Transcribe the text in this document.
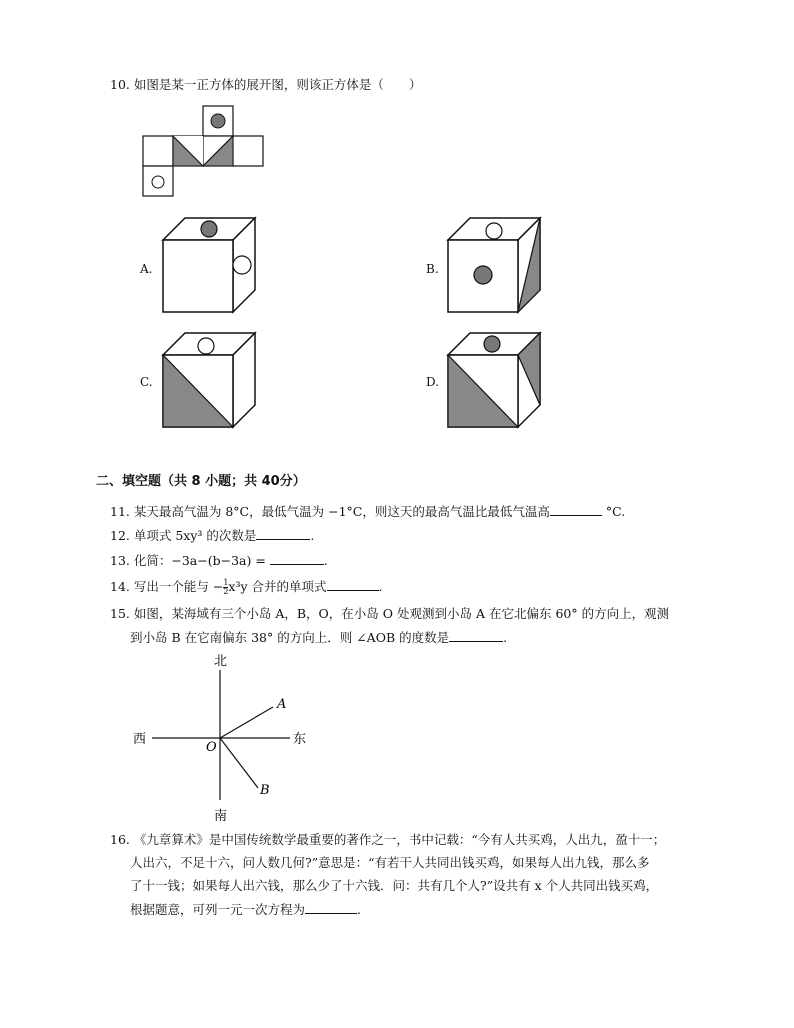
10. 如图是某一正方体的展开图，则该正方体是（　　）
A.	B.
C.	D.
二、填空题（共 8 小题；共 40分）
11. 某天最高气温为 8°C，最低气温为 −1°C，则这天的最高气温比最低气温高	°C.
12. 单项式 5xy³ 的次数是	.
13. 化简：−3a−(b−3a) =	.
14. 写出一个能与 − $\frac{1}{2} x^3y$ 合并的单项式	.
15. 如图，某海域有三个小岛 A，B，O，在小岛 O 处观测到小岛 A 在它北偏东 60° 的方向上，观测
到小岛 B 在它南偏东 38° 的方向上．则 ∠AOB 的度数是	.
北
南
西	东
O
A
B
16. 《九章算术》是中国传统数学最重要的著作之一，书中记载：“今有人共买鸡，人出九，盈十一；
人出六，不足十六，问人数几何?”意思是：“有若干人共同出钱买鸡，如果每人出九钱，那么多
了十一钱；如果每人出六钱，那么少了十六钱．问：共有几个人?”设共有 x 个人共同出钱买鸡，
根据题意，可列一元一次方程为	.
